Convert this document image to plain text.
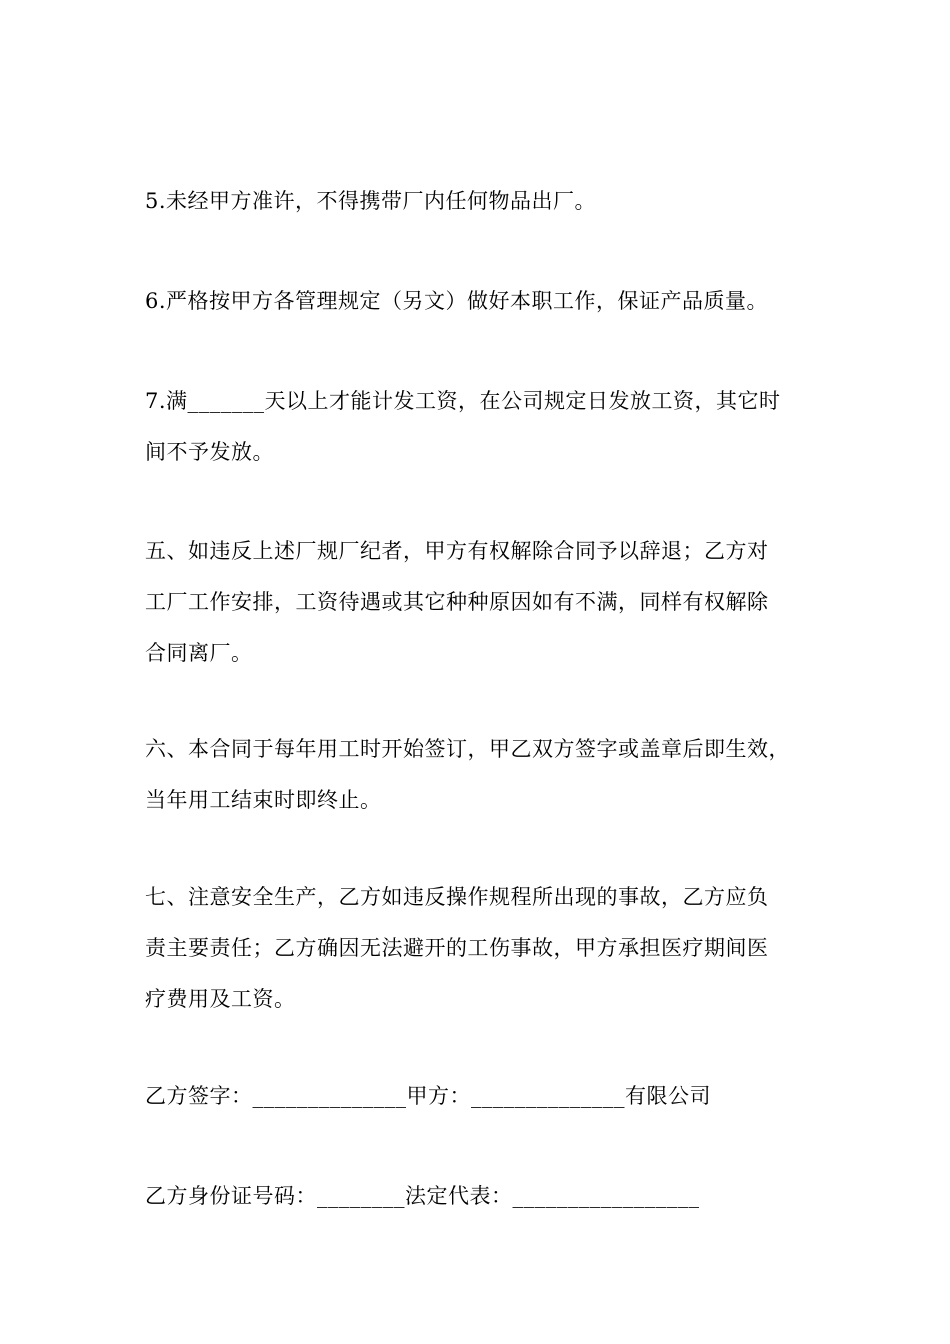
5.未经甲方准许，不得携带厂内任何物品出厂。
6.严格按甲方各管理规定（另文）做好本职工作，保证产品质量。
7.满_______天以上才能计发工资，在公司规定日发放工资，其它时
间不予发放。
五、如违反上述厂规厂纪者，甲方有权解除合同予以辞退；乙方对
工厂工作安排，工资待遇或其它种种原因如有不满，同样有权解除
合同离厂。
六、本合同于每年用工时开始签订，甲乙双方签字或盖章后即生效，
当年用工结束时即终止。
七、注意安全生产，乙方如违反操作规程所出现的事故，乙方应负
责主要责任；乙方确因无法避开的工伤事故，甲方承担医疗期间医
疗费用及工资。
乙方签字：______________甲方：______________有限公司
乙方身份证号码：________法定代表：_________________
